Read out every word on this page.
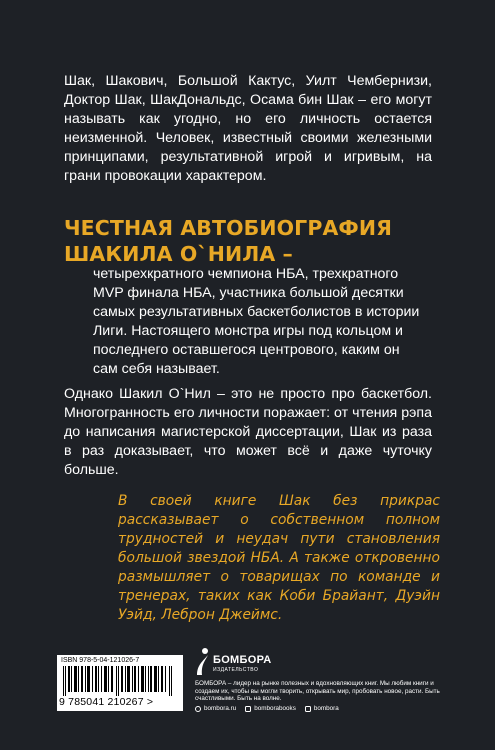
Шак, Шакович, Большой Кактус, Уилт Чембернизи, Доктор Шак, ШакДональдс, Осама бин Шак – его могут называть как угодно, но его личность остается неизменной. Человек, известный своими железными принципами, результативной игрой и игривым, на грани провокации характером.

ЧЕСТНАЯ АВТОБИОГРАФИЯ
ШАКИЛА О`НИЛА –

четырехкратного чемпиона НБА, трехкратного MVP финала НБА, участника большой десятки самых результативных баскетболистов в истории Лиги. Настоящего монстра игры под кольцом и последнего оставшегося центрового, каким он сам себя называет.

Однако Шакил О`Нил – это не просто про баскетбол. Многогранность его личности поражает: от чтения рэпа до написания магистерской диссертации, Шак из раза в раз доказывает, что может всё и даже чуточку больше.

В своей книге Шак без прикрас рассказывает о собственном полном трудностей и неудач пути становления большой звездой НБА. А также откровенно размышляет о товарищах по команде и тренерах, таких как Коби Брайант, Дуэйн Уэйд, Леброн Джеймс.

ISBN 978-5-04-121026-7
9 785041 210267 >
БОМБОРА
ИЗДАТЕЛЬСТВО

БОМБОРА – лидер на рынке полезных и вдохновляющих книг. Мы любим книги и создаем их, чтобы вы могли творить, открывать мир, пробовать новое, расти. Быть счастливыми. Быть на волне.

bombora.ru	bomborabooks	bombora
